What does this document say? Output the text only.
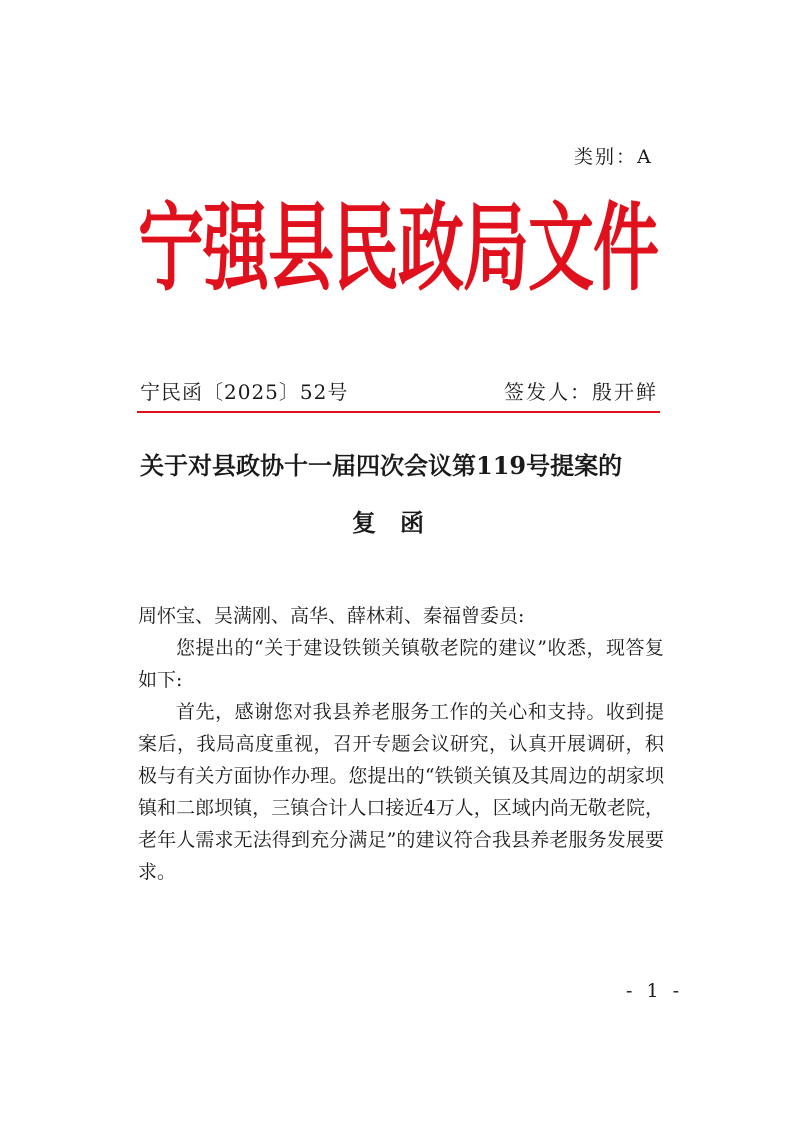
类别：A
宁强县民政局文件
宁民函〔2025〕52号	签发人：殷开鲜
关于对县政协十一届四次会议第119号提案的
复函

周怀宝、吴满刚、高华、薛林莉、秦福曾委员:

您提出的“关于建设铁锁关镇敬老院的建议”收悉，现答复如下:

首先，感谢您对我县养老服务工作的关心和支持。收到提案后，我局高度重视，召开专题会议研究，认真开展调研，积极与有关方面协作办理。您提出的“铁锁关镇及其周边的胡家坝镇和二郎坝镇，三镇合计人口接近4万人，区域内尚无敬老院，老年人需求无法得到充分满足”的建议符合我县养老服务发展要求。

- 1 -
